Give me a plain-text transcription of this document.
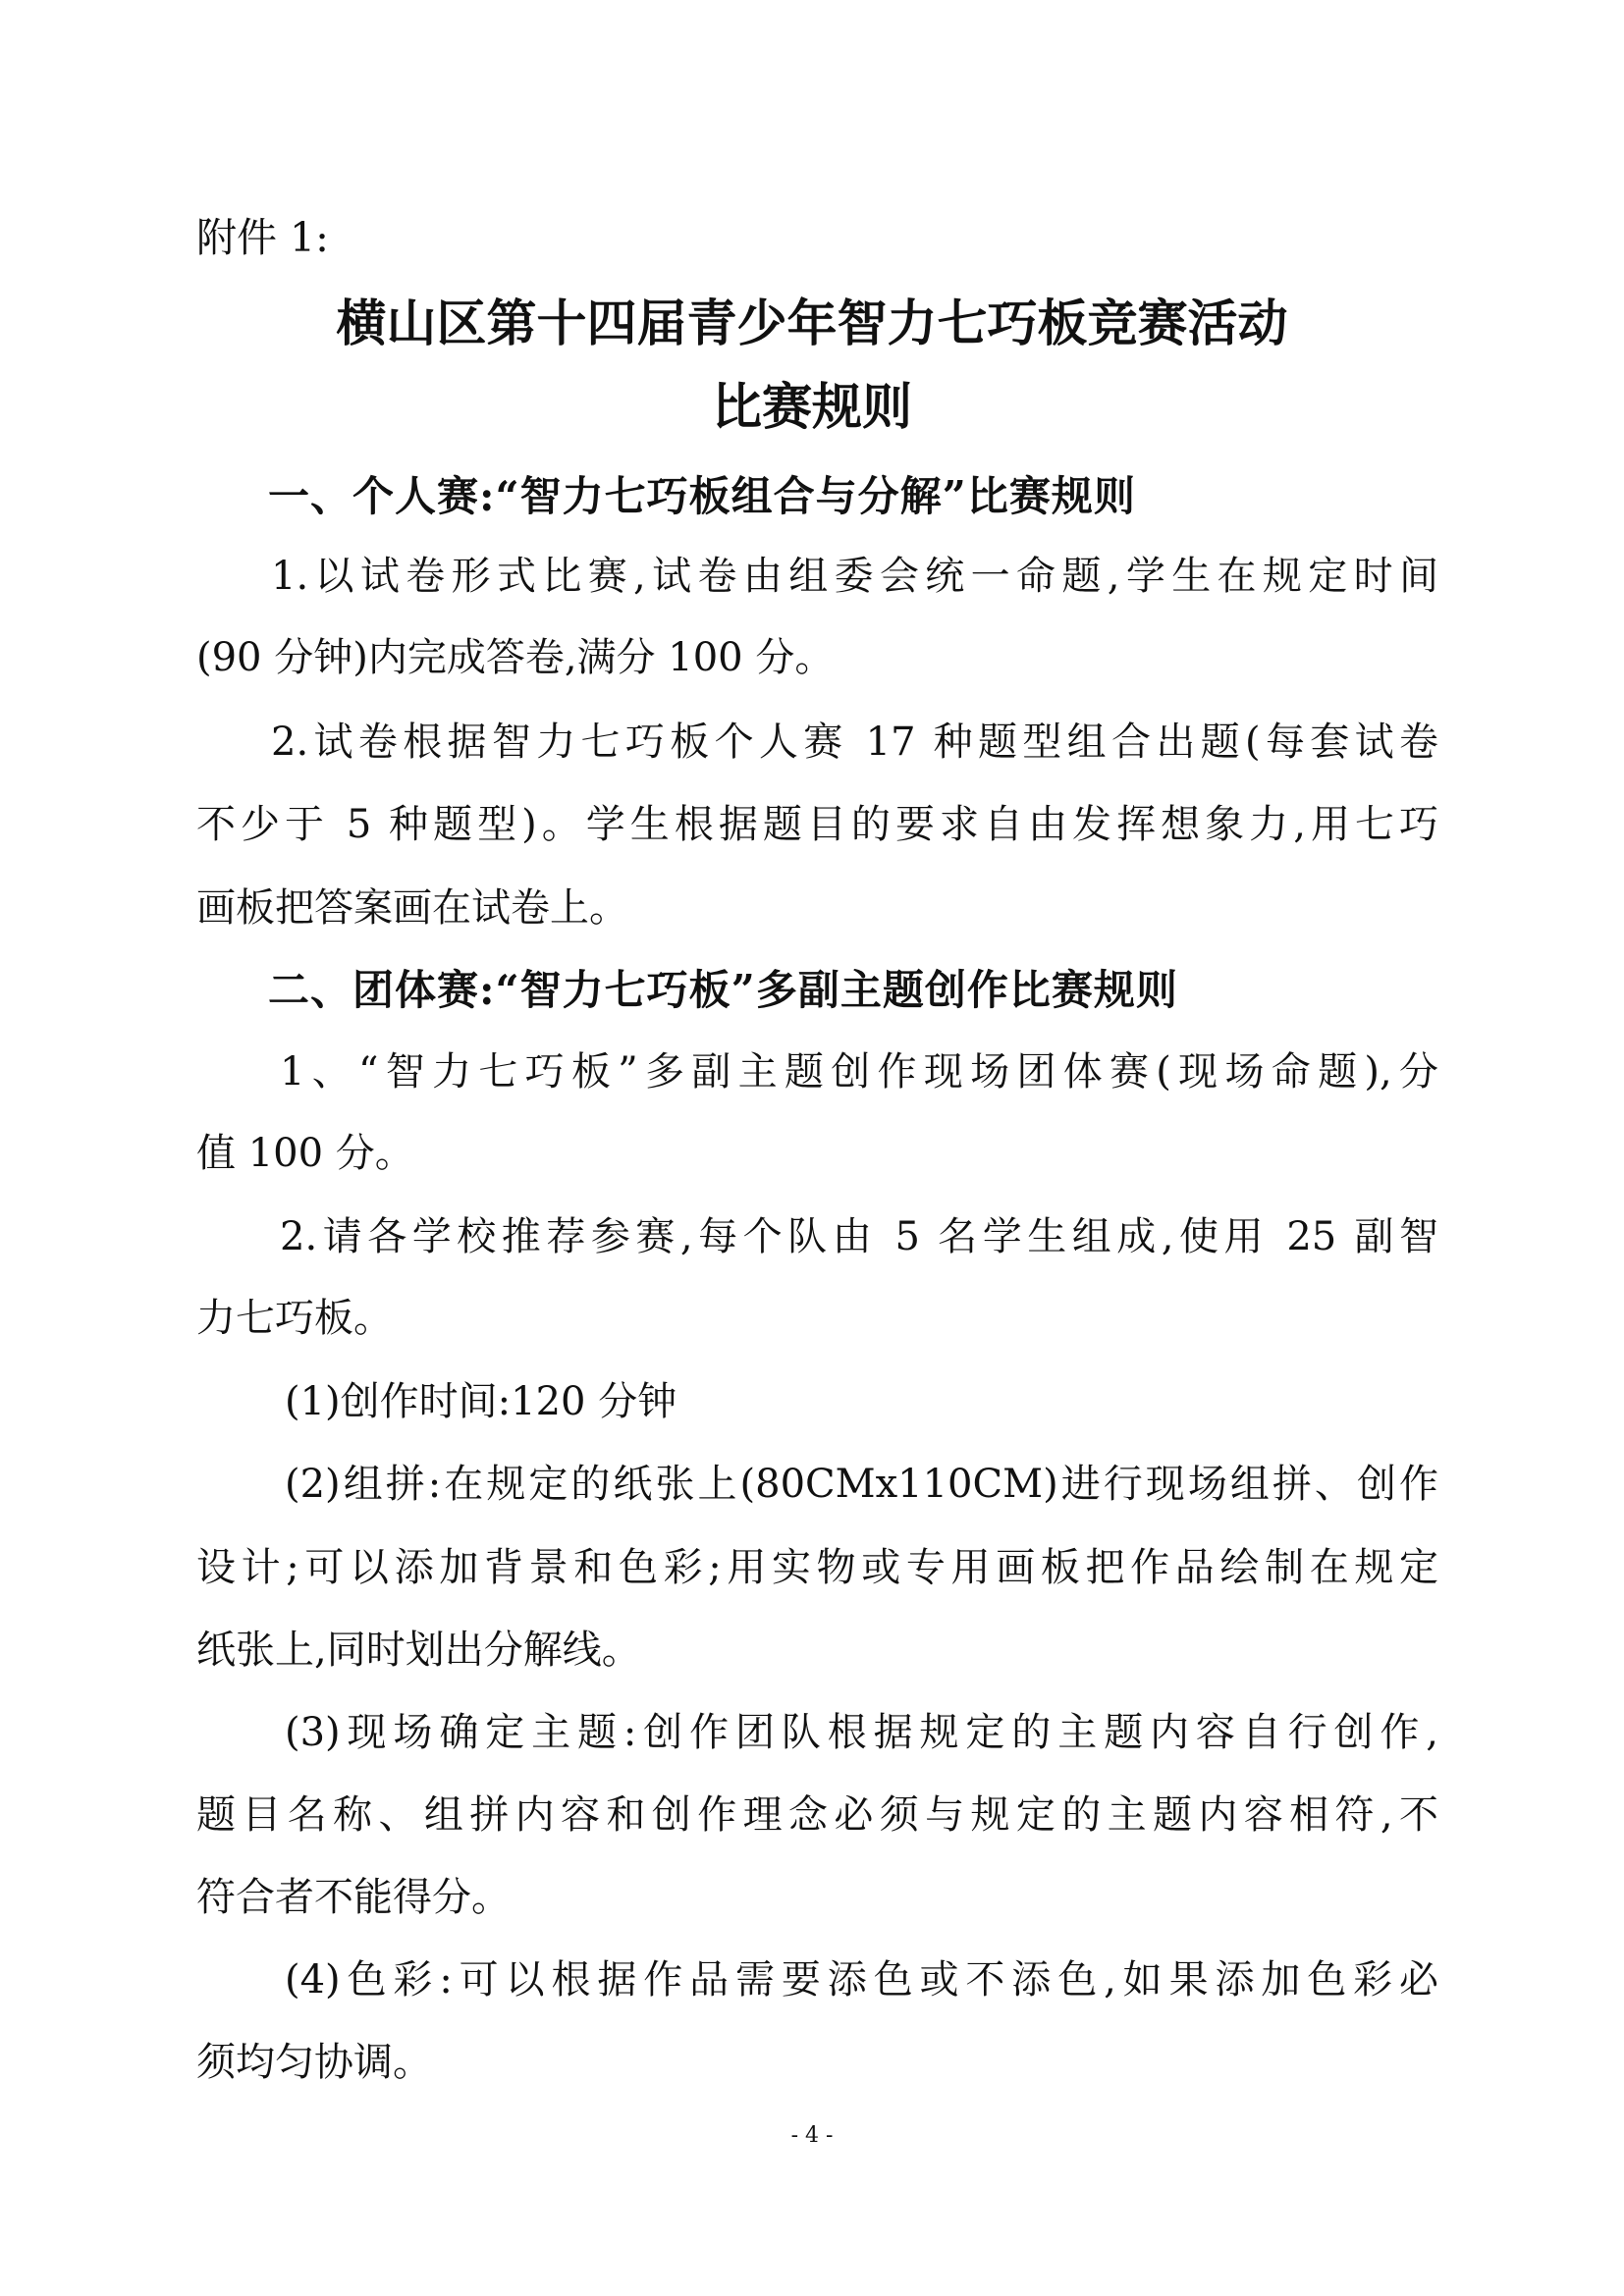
附件 1:
横山区第十四届青少年智力七巧板竞赛活动
比赛规则
一、个人赛:“智力七巧板组合与分解”比赛规则
1.以试卷形式比赛,试卷由组委会统一命题,学生在规定时间
(90 分钟)内完成答卷,满分 100 分。
2.试卷根据智力七巧板个人赛 17 种题型组合出题(每套试卷
不少于 5 种题型)。学生根据题目的要求自由发挥想象力,用七巧
画板把答案画在试卷上。
二、团体赛:“智力七巧板”多副主题创作比赛规则
1、“智力七巧板”多副主题创作现场团体赛(现场命题),分
值 100 分。
2.请各学校推荐参赛,每个队由 5 名学生组成,使用 25 副智
力七巧板。
(1)创作时间:120 分钟
(2)组拼:在规定的纸张上(80CMx110CM)进行现场组拼、创作
设计;可以添加背景和色彩;用实物或专用画板把作品绘制在规定
纸张上,同时划出分解线。
(3)现场确定主题:创作团队根据规定的主题内容自行创作,
题目名称、组拼内容和创作理念必须与规定的主题内容相符,不
符合者不能得分。
(4)色彩:可以根据作品需要添色或不添色,如果添加色彩必
须均匀协调。
- 4 -
